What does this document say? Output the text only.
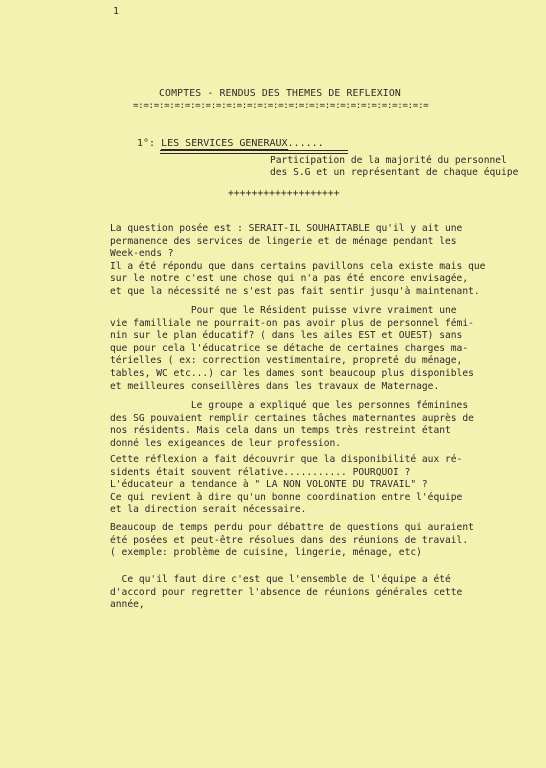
1
COMPTES - RENDUS DES THEMES DE REFLEXION
=:=:=:=:=:=:=:=:=:=:=:=:=:=:=:=:=:=:=:=:=:=:=:=:=:=:=:=:=
1°: LES SERVICES GENERAUX......
Participation de la majorité du personnel
des S.G et un représentant de chaque équipe
+++++++++++++++++++
La question posée est : SERAIT-IL SOUHAITABLE qu'il y ait une
permanence des services de lingerie et de ménage pendant les
Week-ends ?
Il a été répondu que dans certains pavillons cela existe mais que
sur le notre c'est une chose qui n'a pas été encore envisagée,
et que la nécessité ne s'est pas fait sentir jusqu'à maintenant.
Pour que le Résident puisse vivre vraiment une
vie familliale ne pourrait-on pas avoir plus de personnel fémi-
nin sur le plan éducatif? ( dans les ailes EST et OUEST) sans
que pour cela l'éducatrice se détache de certaines charges ma-
térielles ( ex: correction vestimentaire, propreté du ménage,
tables, WC etc...) car les dames sont beaucoup plus disponibles
et meilleures conseillères dans les travaux de Maternage.
Le groupe a expliqué que les personnes féminines
des SG pouvaient remplir certaines tâches maternantes auprès de
nos résidents. Mais cela dans un temps très restreint étant
donné les exigeances de leur profession.
Cette réflexion a fait découvrir que la disponibilité aux ré-
sidents était souvent rélative........... POURQUOI ?
L'éducateur a tendance à " LA NON VOLONTE DU TRAVAIL" ?
Ce qui revient à dire qu'un bonne coordination entre l'équipe
et la direction serait nécessaire.
Beaucoup de temps perdu pour débattre de questions qui auraient
été posées et peut-être résolues dans des réunions de travail.
( exemple: problème de cuisine, lingerie, ménage, etc)
Ce qu'il faut dire c'est que l'ensemble de l'équipe a été
d'accord pour regretter l'absence de réunions générales cette
année,
